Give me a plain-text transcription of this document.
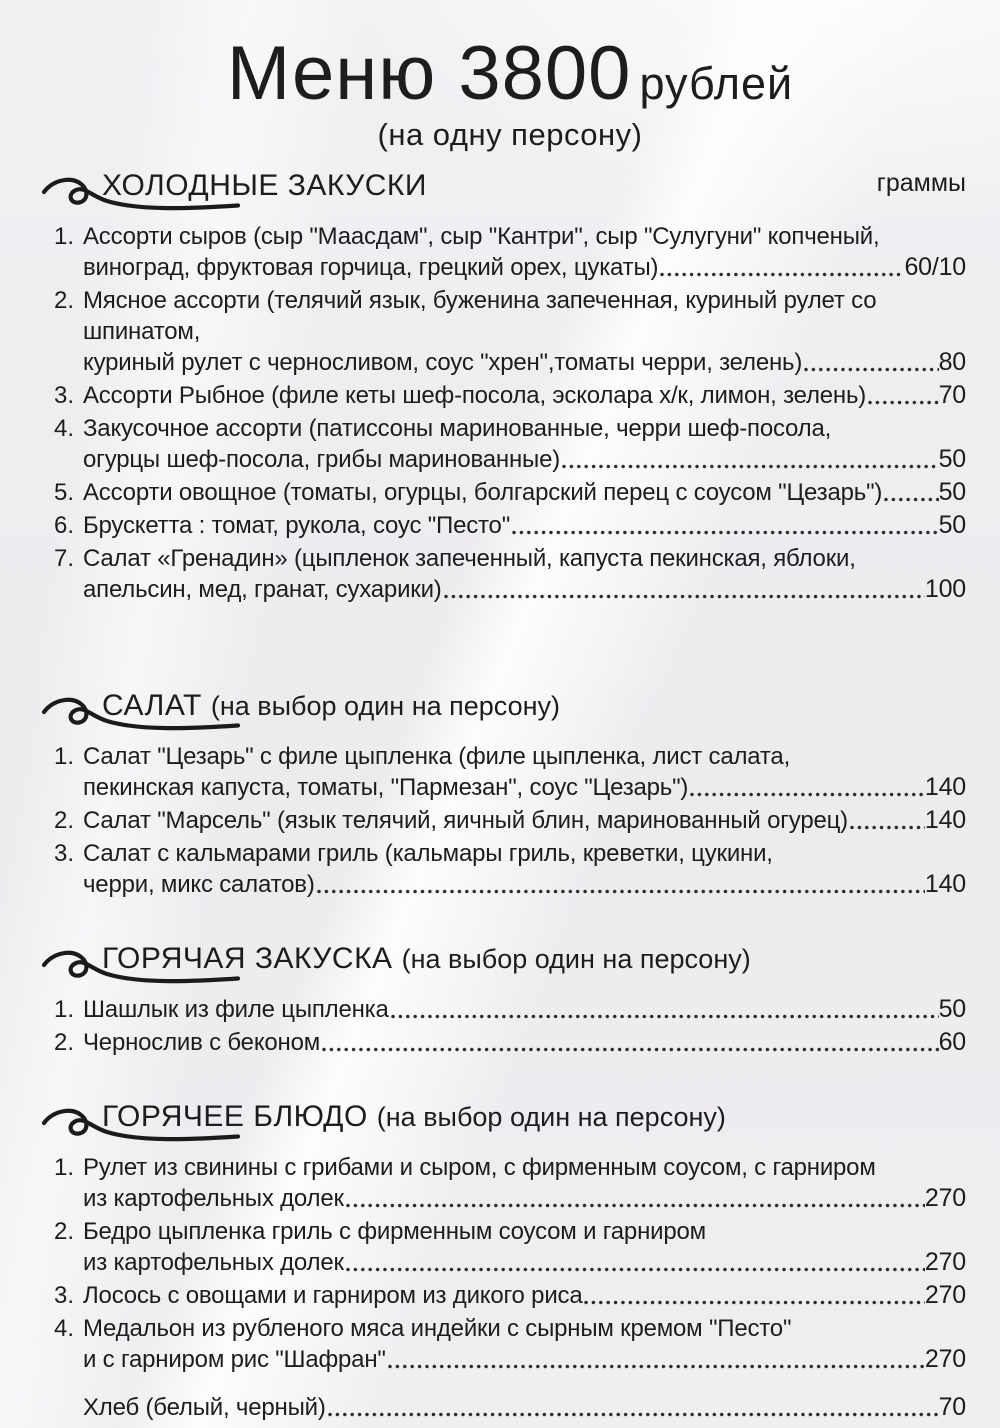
Меню 3800 рублей
(на одну персону)
ХОЛОДНЫЕ ЗАКУСКИ	граммы
1. Ассорти сыров (сыр "Маасдам", сыр "Кантри", сыр "Сулугуни" копченый,
виноград, фруктовая горчица, грецкий орех, цукаты)	60/10
2. Мясное ассорти (телячий язык, буженина запеченная, куриный рулет со шпинатом,
куриный рулет с черносливом, соус "хрен",томаты черри, зелень)	80
3. Ассорти Рыбное (филе кеты шеф-посола, эсколара х/к, лимон, зелень)	70
4. Закусочное ассорти (патиссоны маринованные, черри шеф-посола,
огурцы шеф-посола, грибы маринованные)	50
5. Ассорти овощное (томаты, огурцы, болгарский перец с соусом "Цезарь") 50
6. Брускетта : томат, рукола, соус "Песто"	50
7. Салат «Гренадин» (цыпленок запеченный, капуста пекинская, яблоки,
апельсин, мед, гранат, сухарики)	100
САЛАТ (на выбор один на персону)
1. Салат "Цезарь" с филе цыпленка (филе цыпленка, лист салата,
пекинская капуста, томаты, "Пармезан", соус "Цезарь")	140
2. Салат "Марсель" (язык телячий, яичный блин, маринованный огурец)	140
3. Салат с кальмарами гриль (кальмары гриль, креветки, цукини,
черри, микс салатов)	140
ГОРЯЧАЯ ЗАКУСКА (на выбор один на персону)
1. Шашлык из филе цыпленка	50
2. Чернослив с беконом	60
ГОРЯЧЕЕ БЛЮДО (на выбор один на персону)
1. Рулет из свинины с грибами и сыром, с фирменным соусом, с гарниром
из картофельных долек	270
2. Бедро цыпленка гриль с фирменным соусом и гарниром
из картофельных долек	270
3. Лосось с овощами и гарниром из дикого риса	270
4. Медальон из рубленого мяса индейки с сырным кремом "Песто"
и с гарниром рис "Шафран"	270
Хлеб (белый, черный)	70
